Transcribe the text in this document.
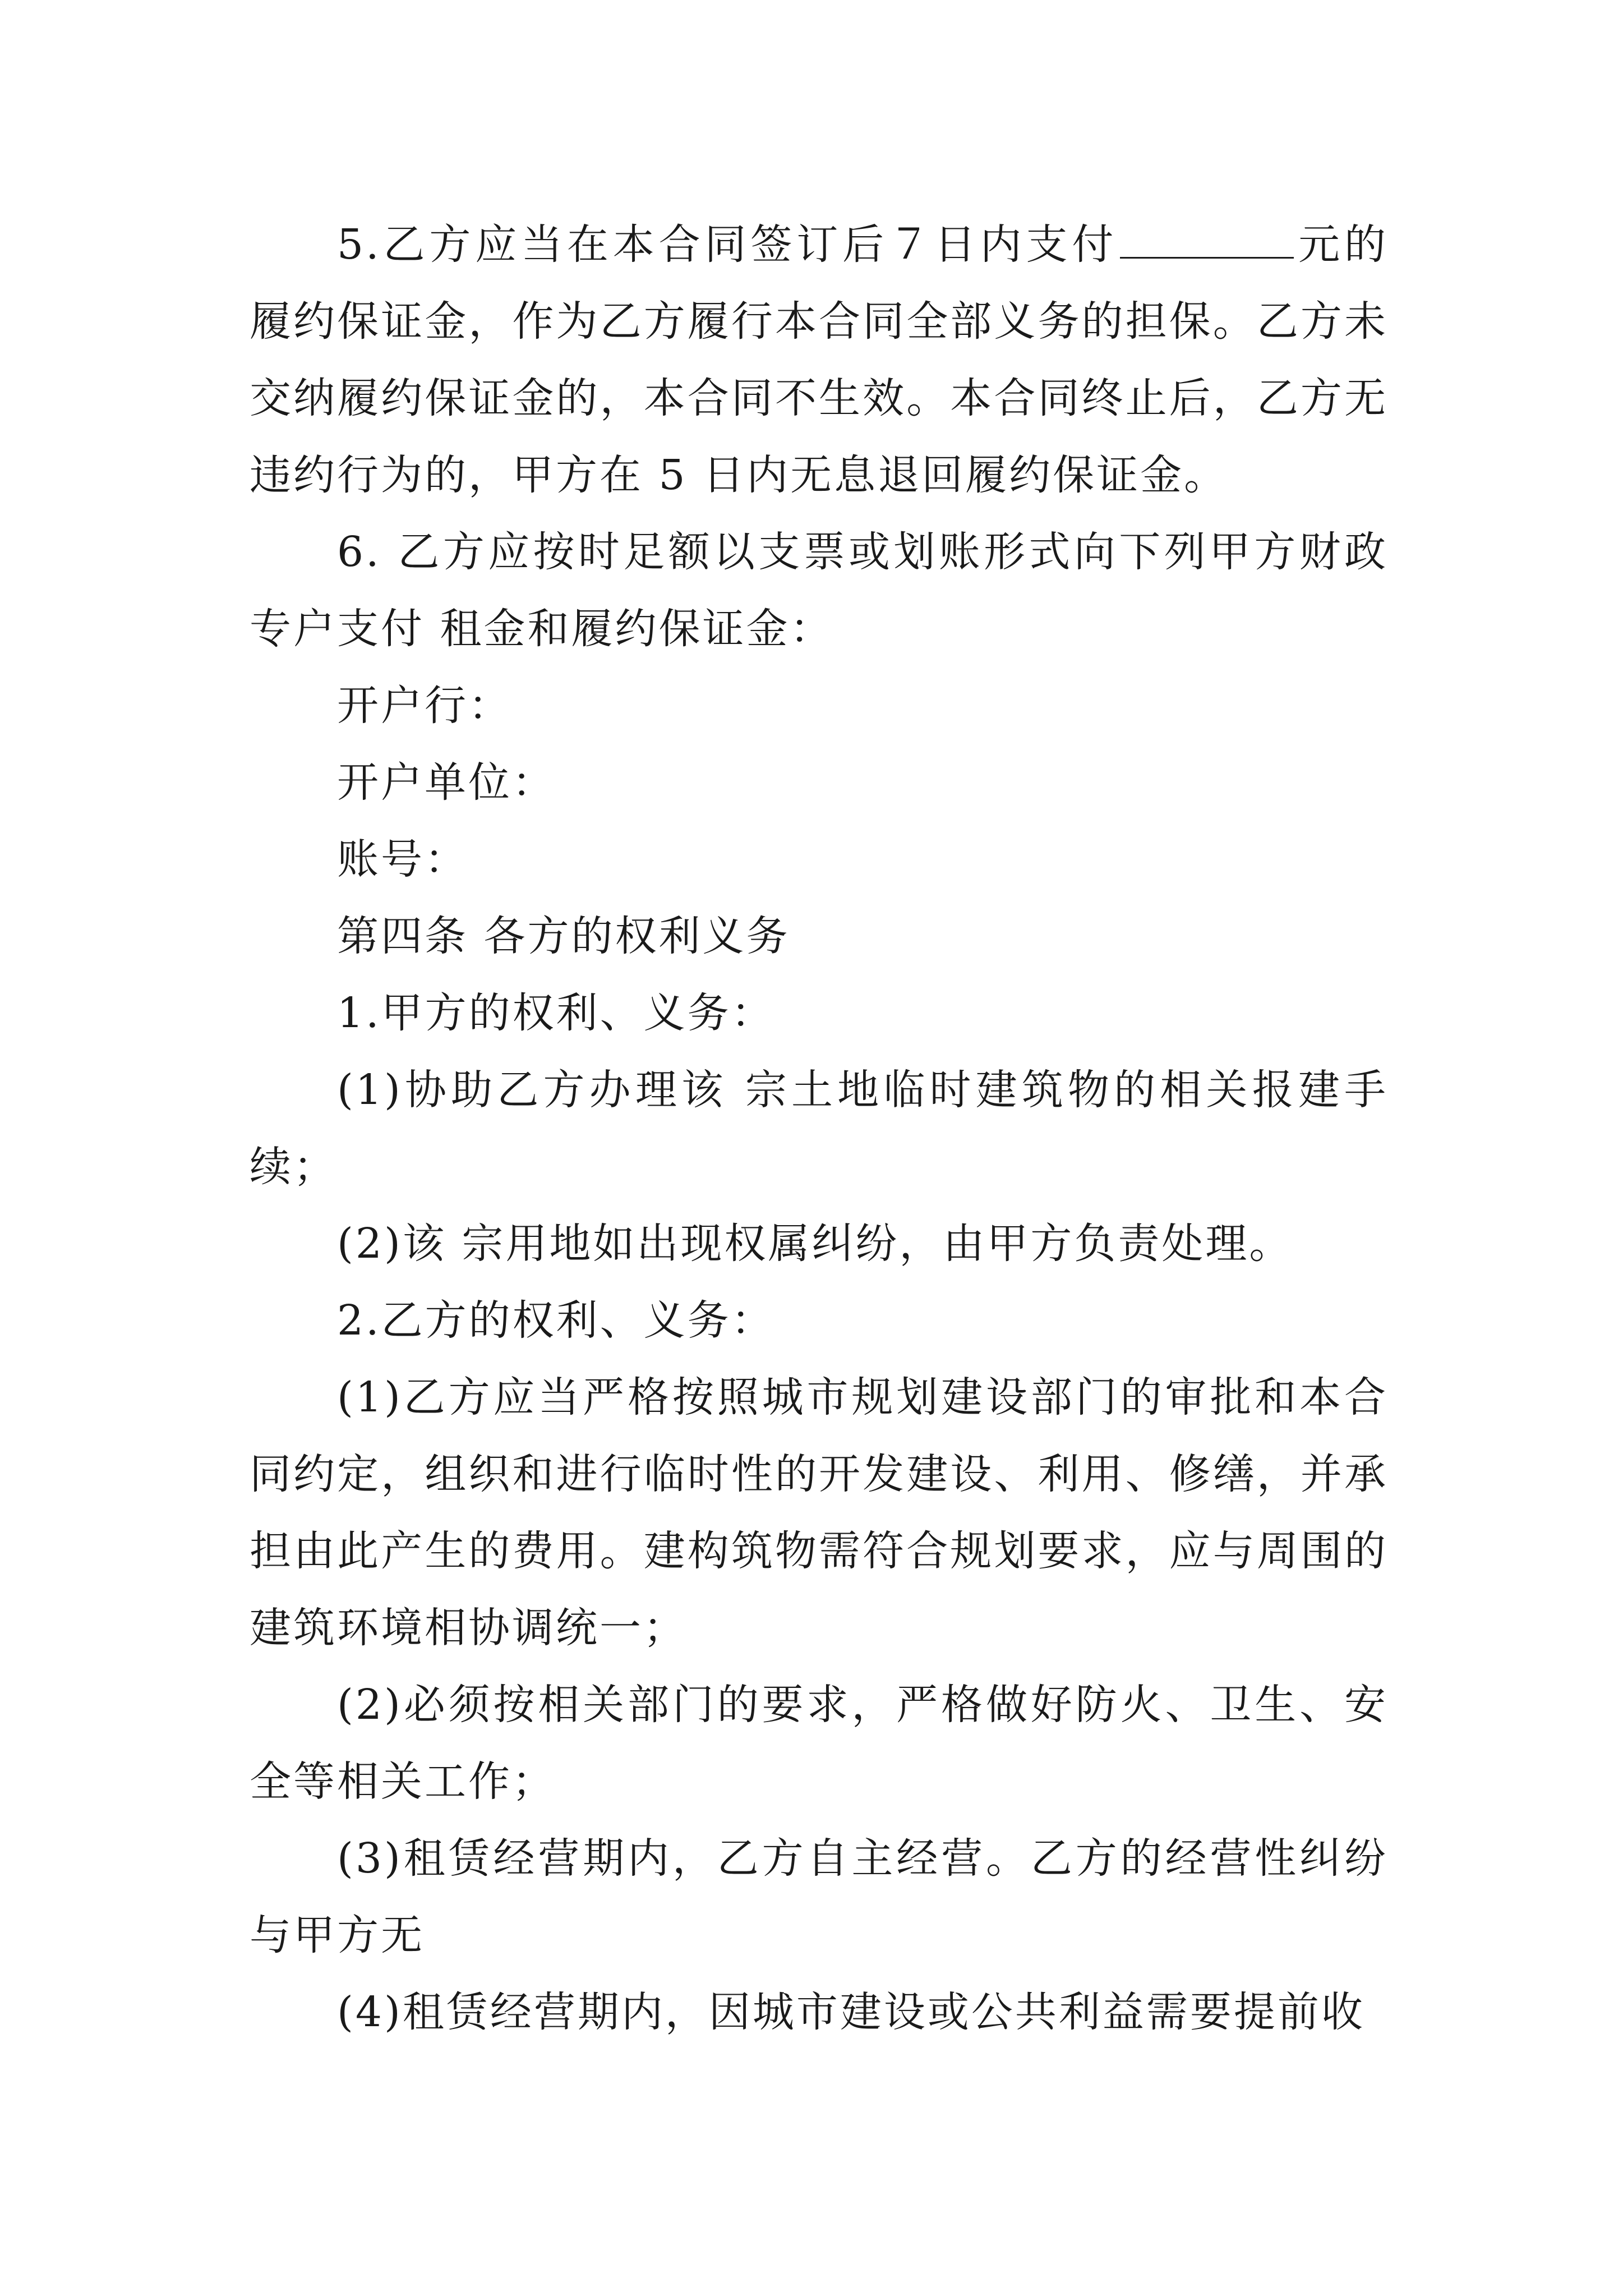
5.乙方应当在本合同签订后７日内支付	元的履约保证金，作为乙方履行本合同全部义务的担保。乙方未交纳履约保证金的，本合同不生效。本合同终止后，乙方无违约行为的，甲方在 5 日内无息退回履约保证金。

6. 乙方应按时足额以支票或划账形式向下列甲方财政专户支付 租金和履约保证金：

开户行：

开户单位：

账号：

第四条 各方的权利义务

1.甲方的权利、义务：

(1)协助乙方办理该 宗土地临时建筑物的相关报建手续；

(2)该 宗用地如出现权属纠纷，由甲方负责处理。

2.乙方的权利、义务：

(1)乙方应当严格按照城市规划建设部门的审批和本合同约定，组织和进行临时性的开发建设、利用、修缮，并承担由此产生的费用。建构筑物需符合规划要求，应与周围的建筑环境相协调统一；

(2)必须按相关部门的要求，严格做好防火、卫生、安全等相关工作；

(3)租赁经营期内，乙方自主经营。乙方的经营性纠纷与甲方无

(4)租赁经营期内，因城市建设或公共利益需要提前收
